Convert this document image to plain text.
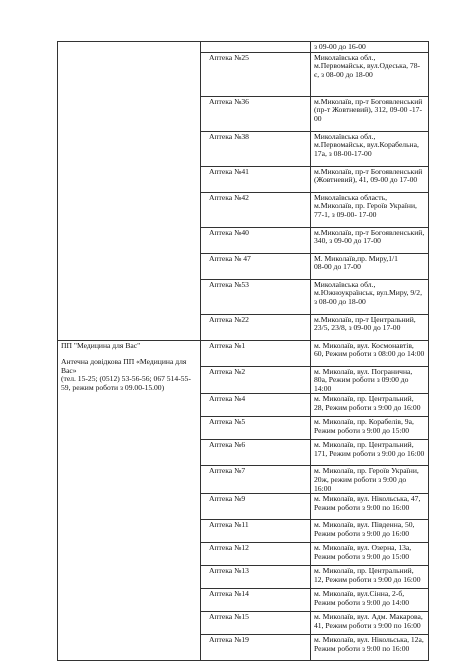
		з 09-00 до 16-00
	Аптека №25	Миколаївська обл.,
м.Первомайськ, вул.Одеська, 78-є, з 08-00 до 18-00
	Аптека №36	м.Миколаїв, пр-т Богоявленський (пр-т Жовтневий), 312, 09-00 -17-00
	Аптека №38	Миколаївська обл.,
м.Первомайськ, вул.Корабельна, 17а, з 08-00-17-00
	Аптека №41	м.Миколаїв, пр-т Богоявленський (Жовтневий), 41, 09-00 до 17-00
	Аптека №42	Миколаївська область,
м.Миколаїв, пр. Героїв України, 77-1, з 09-00- 17-00
	Аптека №40	м.Миколаїв, пр-т Богоявленський, 340, з 09-00 до 17-00
	Аптека № 47	М. Миколаїв,пр. Миру,1/1
08-00 до 17-00
	Аптека №53	Миколаївська обл.,
м.Южноукраїнськ, вул.Миру, 9/2, з 08-00 до 18-00
	Аптека №22	м.Миколаїв, пр-т Центральний, 23/5, 23/8, з 09-00 до 17-00

ПП "Медицина для Вас"
Антечна довідкова ПП «Медицина для Вас»
(тел. 15-25; (0512) 53-56-56; 067 514-55-59, режим роботи з 09.00-15.00)	Аптека №1	м. Миколаїв, вул. Космонавтів, 60, Режим роботи з 08:00 до 14:00
	Аптека №2	м. Миколаїв, вул. Погранична, 80а, Режим роботи з 09:00 до 14:00
	Аптека №4	м. Миколаїв, пр. Центральний, 28, Режим роботи з 9:00 до 16:00
	Аптека №5	м. Миколаїв, пр. Корабелів, 9а, Режим роботи з 9:00 до 15:00
	Аптека №6	м. Миколаїв, пр. Центральний, 171, Режим роботи з 9:00 до 16:00
	Аптека №7	м. Миколаїв, пр. Героїв України, 20ж, режим роботи з 9:00 до 16:00
	Аптека №9	м. Миколаїв, вул. Нікольська, 47, Режим роботи з 9:00 по 16:00
	Аптека №11	м. Миколаїв, вул. Південна, 50, Режим роботи з 9:00 до 16:00
	Аптека №12	м. Миколаїв, вул. Озерна, 13а, Режим роботи з 9:00 до 15:00
	Аптека №13	м. Миколаїв, пр. Центральний, 12, Режим роботи з 9:00 до 16:00
	Аптека №14	м. Миколаїв, вул.Сінна, 2-б,
Режим роботи з 9:00 до 14:00
	Аптека №15	м. Миколаїв, вул. Адм. Макарова, 41, Режим роботи з 9:00 по 16:00
	Аптека №19	м. Миколаїв, вул. Нікольська, 12а, Режим роботи з 9:00 по 16:00
